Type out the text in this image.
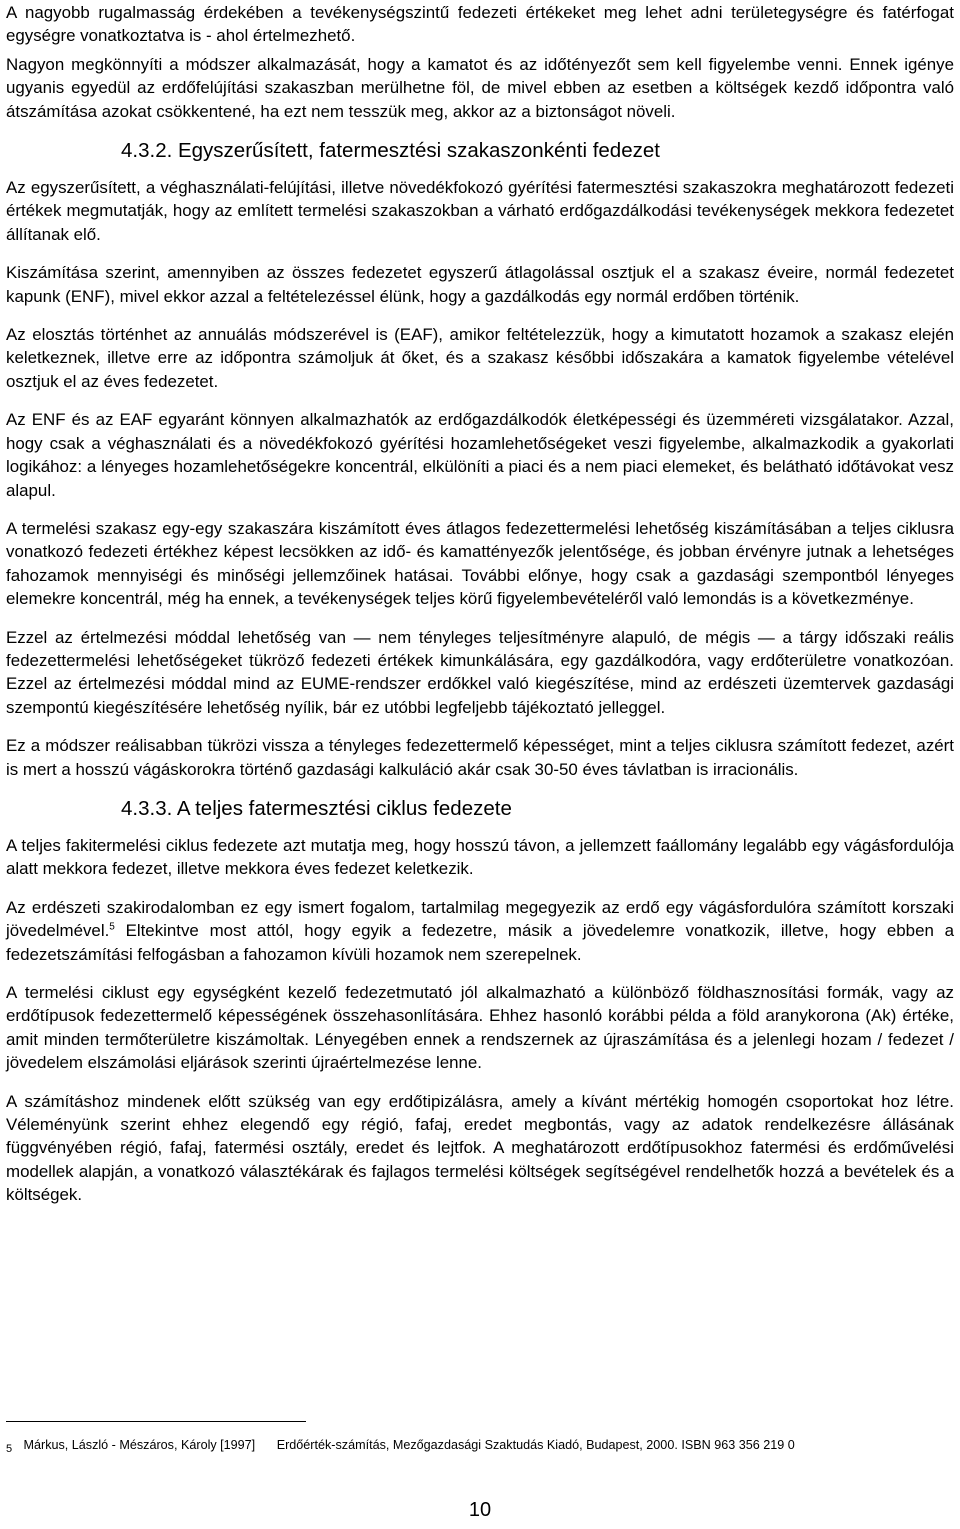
A nagyobb rugalmasság érdekében a tevékenységszintű fedezeti értékeket meg lehet adni területegységre és fatérfogat egységre vonatkoztatva is - ahol értelmezhető.

Nagyon megkönnyíti a módszer alkalmazását, hogy a kamatot és az időtényezőt sem kell figyelembe venni. Ennek igénye ugyanis egyedül az erdőfelújítási szakaszban merülhetne föl, de mivel ebben az esetben a költségek kezdő időpontra való átszámítása azokat csökkentené, ha ezt nem tesszük meg, akkor az a biztonságot növeli.

4.3.2. Egyszerűsített, fatermesztési szakaszonkénti fedezet

Az egyszerűsített, a véghasználati-felújítási, illetve növedékfokozó gyérítési fatermesztési szakaszokra meghatározott fedezeti értékek megmutatják, hogy az említett termelési szakaszokban a várható erdőgazdálkodási tevékenységek mekkora fedezetet állítanak elő.

Kiszámítása szerint, amennyiben az összes fedezetet egyszerű átlagolással osztjuk el a szakasz éveire, normál fedezetet kapunk (ENF), mivel ekkor azzal a feltételezéssel élünk, hogy a gazdálkodás egy normál erdőben történik.

Az elosztás történhet az annuálás módszerével is (EAF), amikor feltételezzük, hogy a kimutatott hozamok a szakasz elején keletkeznek, illetve erre az időpontra számoljuk át őket, és a szakasz későbbi időszakára a kamatok figyelembe vételével osztjuk el az éves fedezetet.

Az ENF és az EAF egyaránt könnyen alkalmazhatók az erdőgazdálkodók életképességi és üzemméreti vizsgálatakor. Azzal, hogy csak a véghasználati és a növedékfokozó gyérítési hozamlehetőségeket veszi figyelembe, alkalmazkodik a gyakorlati logikához: a lényeges hozamlehetőségekre koncentrál, elkülöníti a piaci és a nem piaci elemeket, és belátható időtávokat vesz alapul.

A termelési szakasz egy-egy szakaszára kiszámított éves átlagos fedezettermelési lehetőség kiszámításában a teljes ciklusra vonatkozó fedezeti értékhez képest lecsökken az idő- és kamattényezők jelentősége, és jobban érvényre jutnak a lehetséges fahozamok mennyiségi és minőségi jellemzőinek hatásai. További előnye, hogy csak a gazdasági szempontból lényeges elemekre koncentrál, még ha ennek, a tevékenységek teljes körű figyelembevételéről való lemondás is a következménye.

Ezzel az értelmezési móddal lehetőség van — nem tényleges teljesítményre alapuló, de mégis — a tárgy időszaki reális fedezettermelési lehetőségeket tükröző fedezeti értékek kimunkálására, egy gazdálkodóra, vagy erdőterületre vonatkozóan. Ezzel az értelmezési móddal mind az EUME-rendszer erdőkkel való kiegészítése, mind az erdészeti üzemtervek gazdasági szempontú kiegészítésére lehetőség nyílik, bár ez utóbbi legfeljebb tájékoztató jelleggel.

Ez a módszer reálisabban tükrözi vissza a tényleges fedezettermelő képességet, mint a teljes ciklusra számított fedezet, azért is mert a hosszú vágáskorokra történő gazdasági kalkuláció akár csak 30-50 éves távlatban is irracionális.

4.3.3. A teljes fatermesztési ciklus fedezete

A teljes fakitermelési ciklus fedezete azt mutatja meg, hogy hosszú távon, a jellemzett faállomány legalább egy vágásfordulója alatt mekkora fedezet, illetve mekkora éves fedezet keletkezik.

Az erdészeti szakirodalomban ez egy ismert fogalom, tartalmilag megegyezik az erdő egy vágásfordulóra számított korszaki jövedelmével.$^5$ Eltekintve most attól, hogy egyik a fedezetre, másik a jövedelemre vonatkozik, illetve, hogy ebben a fedezetszámítási felfogásban a fahozamon kívüli hozamok nem szerepelnek.

A termelési ciklust egy egységként kezelő fedezetmutató jól alkalmazható a különböző földhasznosítási formák, vagy az erdőtípusok fedezettermelő képességének összehasonlítására. Ehhez hasonló korábbi példa a föld aranykorona (Ak) értéke, amit minden termőterületre kiszámoltak. Lényegében ennek a rendszernek az újraszámítása és a jelenlegi hozam / fedezet / jövedelem elszámolási eljárások szerinti újraértelmezése lenne.

A számításhoz mindenek előtt szükség van egy erdőtipizálásra, amely a kívánt mértékig homogén csoportokat hoz létre. Véleményünk szerint ehhez elegendő egy régió, fafaj, eredet megbontás, vagy az adatok rendelkezésre állásának függvényében régió, fafaj, fatermési osztály, eredet és lejtfok. A meghatározott erdőtípusokhoz fatermési és erdőművelési modellek alapján, a vonatkozó választékárak és fajlagos termelési költségek segítségével rendelhetők hozzá a bevételek és a költségek.

5 Márkus, László - Mészáros, Károly [1997] Erdőérték-számítás, Mezőgazdasági Szaktudás Kiadó, Budapest, 2000. ISBN 963 356 219 0
10
